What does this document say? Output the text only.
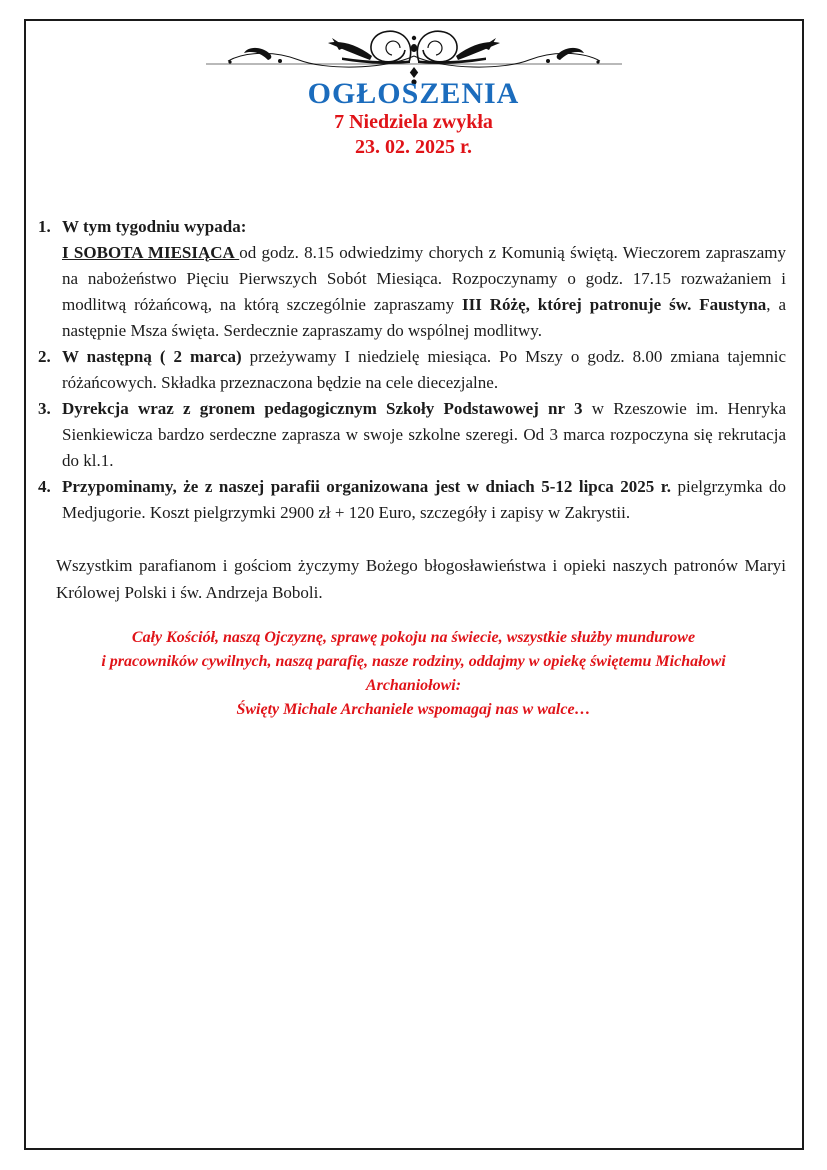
OGŁOSZENIA
7 Niedziela zwykła
23. 02. 2025 r.
1. W tym tygodniu wypada:
I SOBOTA MIESIĄCA od godz. 8.15 odwiedzimy chorych z Komunią świętą. Wieczorem zapraszamy na nabożeństwo Pięciu Pierwszych Sobót Miesiąca. Rozpoczynamy o godz. 17.15 rozważaniem i modlitwą różańcową, na którą szczególnie zapraszamy III Różę, której patronuje św. Faustyna, a następnie Msza święta. Serdecznie zapraszamy do wspólnej modlitwy.
2. W następną ( 2 marca) przeżywamy I niedzielę miesiąca. Po Mszy o godz. 8.00 zmiana tajemnic różańcowych. Składka przeznaczona będzie na cele diecezjalne.
3. Dyrekcja wraz z gronem pedagogicznym Szkoły Podstawowej nr 3 w Rzeszowie im. Henryka Sienkiewicza bardzo serdeczne zaprasza w swoje szkolne szeregi. Od 3 marca rozpoczyna się rekrutacja do kl.1.
4. Przypominamy, że z naszej parafii organizowana jest w dniach 5-12 lipca 2025 r. pielgrzymka do Medjugorie. Koszt pielgrzymki 2900 zł + 120 Euro, szczegóły i zapisy w Zakrystii.

Wszystkim parafianom i gościom życzymy Bożego błogosławieństwa i opieki naszych patronów Maryi Królowej Polski i św. Andrzeja Boboli.

Cały Kościół, naszą Ojczyznę, sprawę pokoju na świecie, wszystkie służby mundurowe
i pracowników cywilnych, naszą parafię, nasze rodziny, oddajmy w opiekę świętemu Michałowi
Archaniołowi:
Święty Michale Archaniele wspomagaj nas w walce…
